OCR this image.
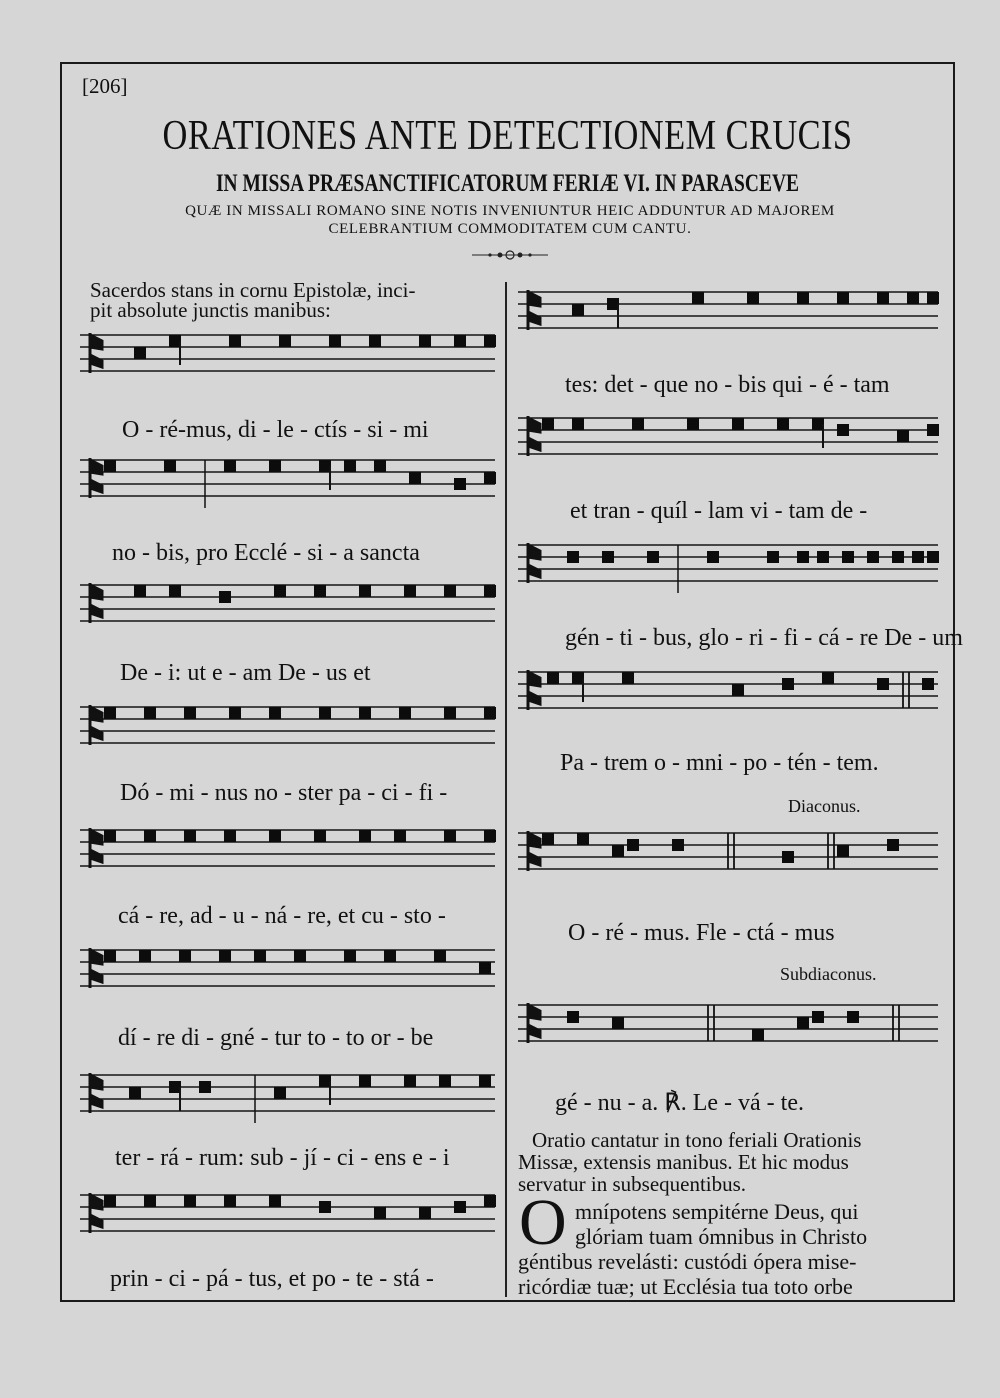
[206]
ORATIONES ANTE DETECTIONEM CRUCIS
IN MISSA PRÆSANCTIFICATORUM FERIÆ VI. IN PARASCEVE
QUÆ IN MISSALI ROMANO SINE NOTIS INVENIUNTUR HEIC ADDUNTUR AD MAJOREM
CELEBRANTIUM COMMODITATEM CUM CANTU.
Sacerdos stans in cornu Epistolæ, inci-
pit absolute junctis manibus:
O - ré-mus, di - le - ctís - si - mi
no - bis, pro Ecclé - si - a sancta
De - i: ut e - am De - us et
Dó - mi - nus no - ster pa - ci - fi -
cá - re, ad - u - ná - re, et cu - sto -
dí - re di - gné - tur to - to or - be
ter - rá - rum: sub - jí - ci - ens e - i
prin - ci - pá - tus, et po - te - stá -
tes: det - que no - bis qui - é - tam
et tran - quíl - lam vi - tam de -
gén - ti - bus, glo - ri - fi - cá - re De - um
Pa - trem o - mni - po - tén - tem.
Diaconus.
O - ré - mus. Fle - ctá - mus
Subdiaconus.
gé - nu - a. ℟. Le - vá - te.
Oratio cantatur in tono feriali Orationis
Missæ, extensis manibus. Et hic modus
servatur in subsequentibus.
O mnípotens sempitérne Deus, qui
glóriam tuam ómnibus in Christo
géntibus revelásti: custódi ópera mise-
ricórdiæ tuæ; ut Ecclésia tua toto orbe
